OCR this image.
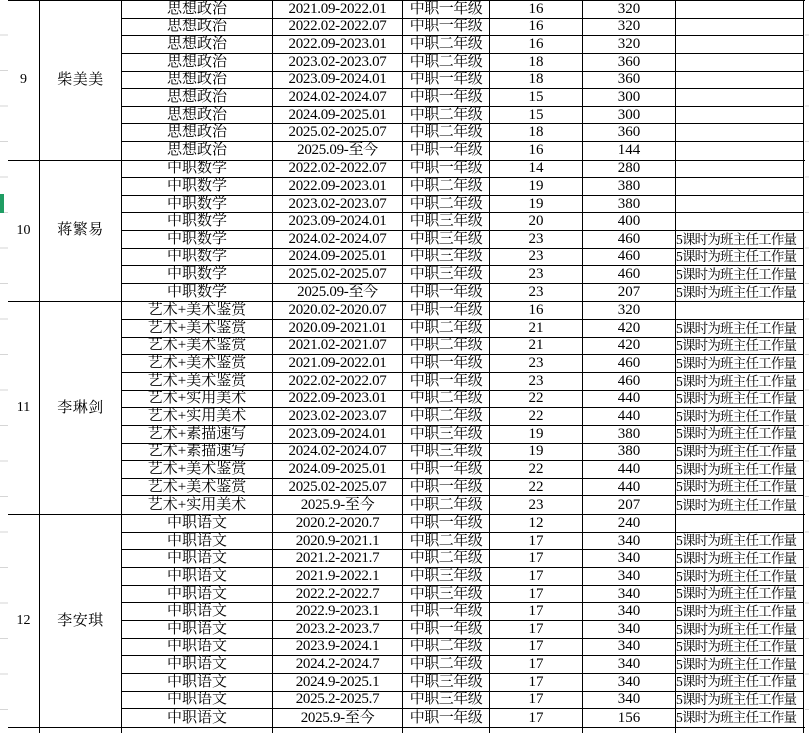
9	柴美美
思想政治	2021.09-2022.01	中职一年级	16	320
思想政治	2022.02-2022.07	中职一年级	16	320
思想政治	2022.09-2023.01	中职二年级	16	320
思想政治	2023.02-2023.07	中职二年级	18	360
思想政治	2023.09-2024.01	中职一年级	18	360
思想政治	2024.02-2024.07	中职一年级	15	300
思想政治	2024.09-2025.01	中职二年级	15	300
思想政治	2025.02-2025.07	中职二年级	18	360
思想政治	2025.09-至今	中职一年级	16	144
10	蒋繁易
中职数学	2022.02-2022.07	中职一年级	14	280
中职数学	2022.09-2023.01	中职二年级	19	380
中职数学	2023.02-2023.07	中职二年级	19	380
中职数学	2023.09-2024.01	中职三年级	20	400
中职数学	2024.02-2024.07	中职三年级	23	460	5课时为班主任工作量
中职数学	2024.09-2025.01	中职三年级	23	460	5课时为班主任工作量
中职数学	2025.02-2025.07	中职三年级	23	460	5课时为班主任工作量
中职数学	2025.09-至今	中职一年级	23	207	5课时为班主任工作量
11	李琳剑
艺术+美术鉴赏	2020.02-2020.07	中职一年级	16	320
艺术+美术鉴赏	2020.09-2021.01	中职二年级	21	420	5课时为班主任工作量
艺术+美术鉴赏	2021.02-2021.07	中职二年级	21	420	5课时为班主任工作量
艺术+美术鉴赏	2021.09-2022.01	中职一年级	23	460	5课时为班主任工作量
艺术+美术鉴赏	2022.02-2022.07	中职一年级	23	460	5课时为班主任工作量
艺术+实用美术	2022.09-2023.01	中职二年级	22	440	5课时为班主任工作量
艺术+实用美术	2023.02-2023.07	中职二年级	22	440	5课时为班主任工作量
艺术+素描速写	2023.09-2024.01	中职三年级	19	380	5课时为班主任工作量
艺术+素描速写	2024.02-2024.07	中职三年级	19	380	5课时为班主任工作量
艺术+美术鉴赏	2024.09-2025.01	中职一年级	22	440	5课时为班主任工作量
艺术+美术鉴赏	2025.02-2025.07	中职一年级	22	440	5课时为班主任工作量
艺术+实用美术	2025.9-至今	中职二年级	23	207	5课时为班主任工作量
12	李安琪
中职语文	2020.2-2020.7	中职一年级	12	240
中职语文	2020.9-2021.1	中职二年级	17	340	5课时为班主任工作量
中职语文	2021.2-2021.7	中职二年级	17	340	5课时为班主任工作量
中职语文	2021.9-2022.1	中职三年级	17	340	5课时为班主任工作量
中职语文	2022.2-2022.7	中职三年级	17	340	5课时为班主任工作量
中职语文	2022.9-2023.1	中职一年级	17	340	5课时为班主任工作量
中职语文	2023.2-2023.7	中职一年级	17	340	5课时为班主任工作量
中职语文	2023.9-2024.1	中职二年级	17	340	5课时为班主任工作量
中职语文	2024.2-2024.7	中职二年级	17	340	5课时为班主任工作量
中职语文	2024.9-2025.1	中职三年级	17	340	5课时为班主任工作量
中职语文	2025.2-2025.7	中职三年级	17	340	5课时为班主任工作量
中职语文	2025.9-至今	中职一年级	17	156	5课时为班主任工作量
